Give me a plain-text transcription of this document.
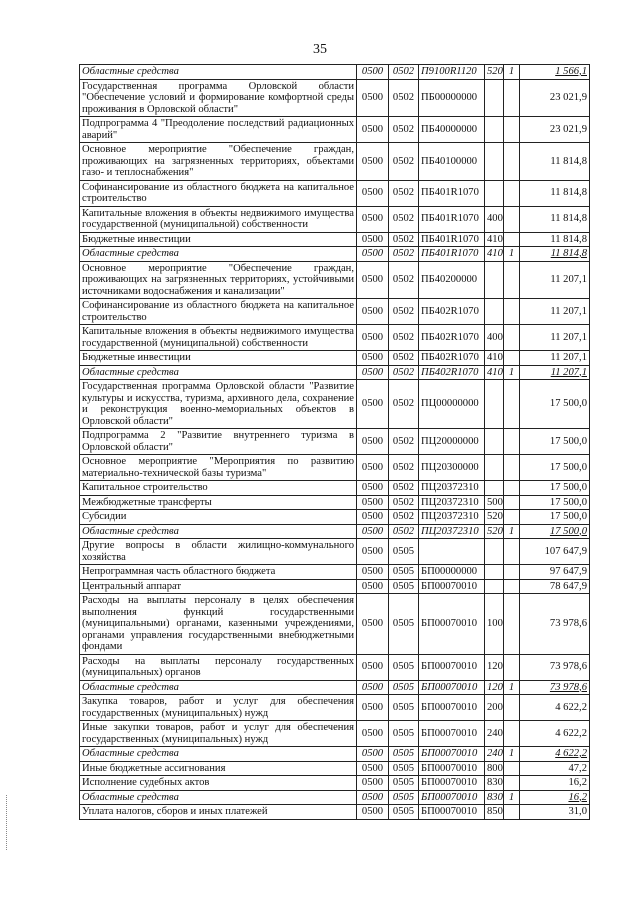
35
Областные средства	0500	0502	П9100R1120	520	1	1 566,1
Государственная программа Орловской области "Обеспечение условий и формирование комфортной среды проживания в Орловской области"	0500	0502	ПБ00000000			23 021,9
Подпрограмма 4 "Преодоление последствий радиационных аварий"	0500	0502	ПБ40000000			23 021,9
Основное мероприятие "Обеспечение граждан, проживающих на загрязненных территориях, объектами газо- и теплоснабжения"	0500	0502	ПБ40100000			11 814,8
Софинансирование из областного бюджета на капитальное строительство	0500	0502	ПБ401R1070			11 814,8
Капитальные вложения в объекты недвижимого имущества государственной (муниципальной) собственности	0500	0502	ПБ401R1070	400		11 814,8
Бюджетные инвестиции	0500	0502	ПБ401R1070	410		11 814,8
Областные средства	0500	0502	ПБ401R1070	410	1	11 814,8
Основное мероприятие "Обеспечение граждан, проживающих на загрязненных территориях, устойчивыми источниками водоснабжения и канализации"	0500	0502	ПБ40200000			11 207,1
Софинансирование из областного бюджета на капитальное строительство	0500	0502	ПБ402R1070			11 207,1
Капитальные вложения в объекты недвижимого имущества государственной (муниципальной) собственности	0500	0502	ПБ402R1070	400		11 207,1
Бюджетные инвестиции	0500	0502	ПБ402R1070	410		11 207,1
Областные средства	0500	0502	ПБ402R1070	410	1	11 207,1
Государственная программа Орловской области "Развитие культуры и искусства, туризма, архивного дела, сохранение и реконструкция военно-мемориальных объектов в Орловской области"	0500	0502	ПЦ00000000			17 500,0
Подпрограмма 2 "Развитие внутреннего туризма в Орловской области"	0500	0502	ПЦ20000000			17 500,0
Основное мероприятие "Мероприятия по развитию материально-технической базы туризма"	0500	0502	ПЦ20300000			17 500,0
Капитальное строительство	0500	0502	ПЦ20372310			17 500,0
Межбюджетные трансферты	0500	0502	ПЦ20372310	500		17 500,0
Субсидии	0500	0502	ПЦ20372310	520		17 500,0
Областные средства	0500	0502	ПЦ20372310	520	1	17 500,0
Другие вопросы в области жилищно-коммунального хозяйства	0500	0505				107 647,9
Непрограммная часть областного бюджета	0500	0505	БП00000000			97 647,9
Центральный аппарат	0500	0505	БП00070010			78 647,9
Расходы на выплаты персоналу в целях обеспечения выполнения функций государственными (муниципальными) органами, казенными учреждениями, органами управления государственными внебюджетными фондами	0500	0505	БП00070010	100		73 978,6
Расходы на выплаты персоналу государственных (муниципальных) органов	0500	0505	БП00070010	120		73 978,6
Областные средства	0500	0505	БП00070010	120	1	73 978,6
Закупка товаров, работ и услуг для обеспечения государственных (муниципальных) нужд	0500	0505	БП00070010	200		4 622,2
Иные закупки товаров, работ и услуг для обеспечения государственных (муниципальных) нужд	0500	0505	БП00070010	240		4 622,2
Областные средства	0500	0505	БП00070010	240	1	4 622,2
Иные бюджетные ассигнования	0500	0505	БП00070010	800		47,2
Исполнение судебных актов	0500	0505	БП00070010	830		16,2
Областные средства	0500	0505	БП00070010	830	1	16,2
Уплата налогов, сборов и иных платежей	0500	0505	БП00070010	850		31,0
